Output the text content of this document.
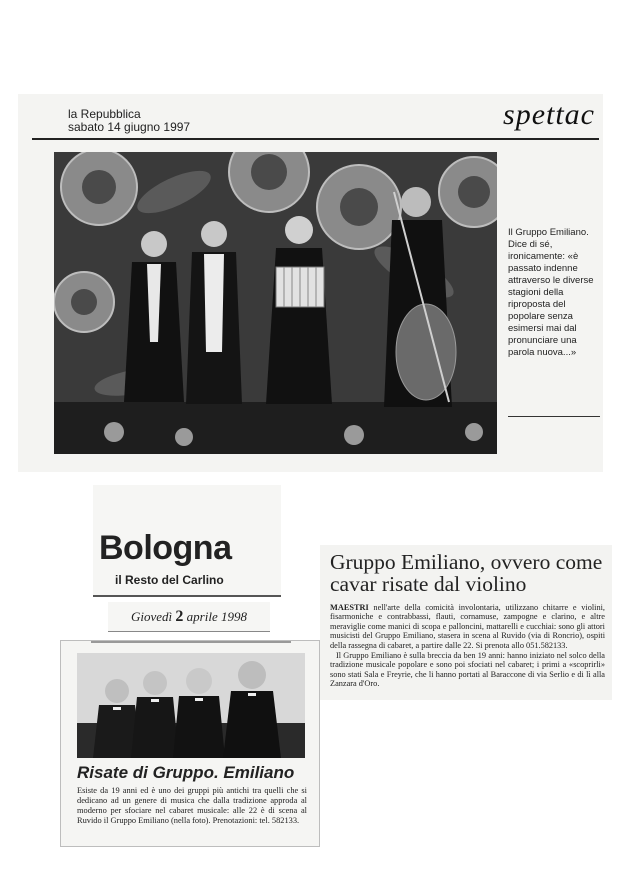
la Repubblica
sabato 14 giugno 1997	spettac
Il Gruppo Emiliano. Dice di sé, ironicamente: «è passato indenne attraverso le diverse stagioni della riproposta del popolare senza esimersi mai dal pronunciare una parola nuova...»
Bologna
il Resto del Carlino
Giovedì 2 aprile 1998
Gruppo Emiliano, ovvero come cavar risate dal violino

MAESTRI nell'arte della comicità involontaria, utilizzano chitarre e violini, fisarmoniche e contrabbassi, flauti, cornamuse, zampogne e clarino, e altre meraviglie come manici di scopa e palloncini, mattarelli e cucchiai: sono gli attori musicisti del Gruppo Emiliano, stasera in scena al Ruvido (via di Roncrio), ospiti della rassegna di cabaret, a partire dalle 22. Si prenota allo 051.582133.

Il Gruppo Emiliano è sulla breccia da ben 19 anni: hanno iniziato nel solco della tradizione musicale popolare e sono poi sfociati nel cabaret; i primi a «scoprirli» sono stati Sala e Freyrie, che li hanno portati al Baraccone di via Serlio e di lì alla Zanzara d'Oro.

Risate di Gruppo. Emiliano
Esiste da 19 anni ed è uno dei gruppi più antichi tra quelli che si dedicano ad un genere di musica che dalla tradizione approda al moderno per sfociare nel cabaret musicale: alle 22 è di scena al Ruvido il Gruppo Emiliano (nella foto). Prenotazioni: tel. 582133.
